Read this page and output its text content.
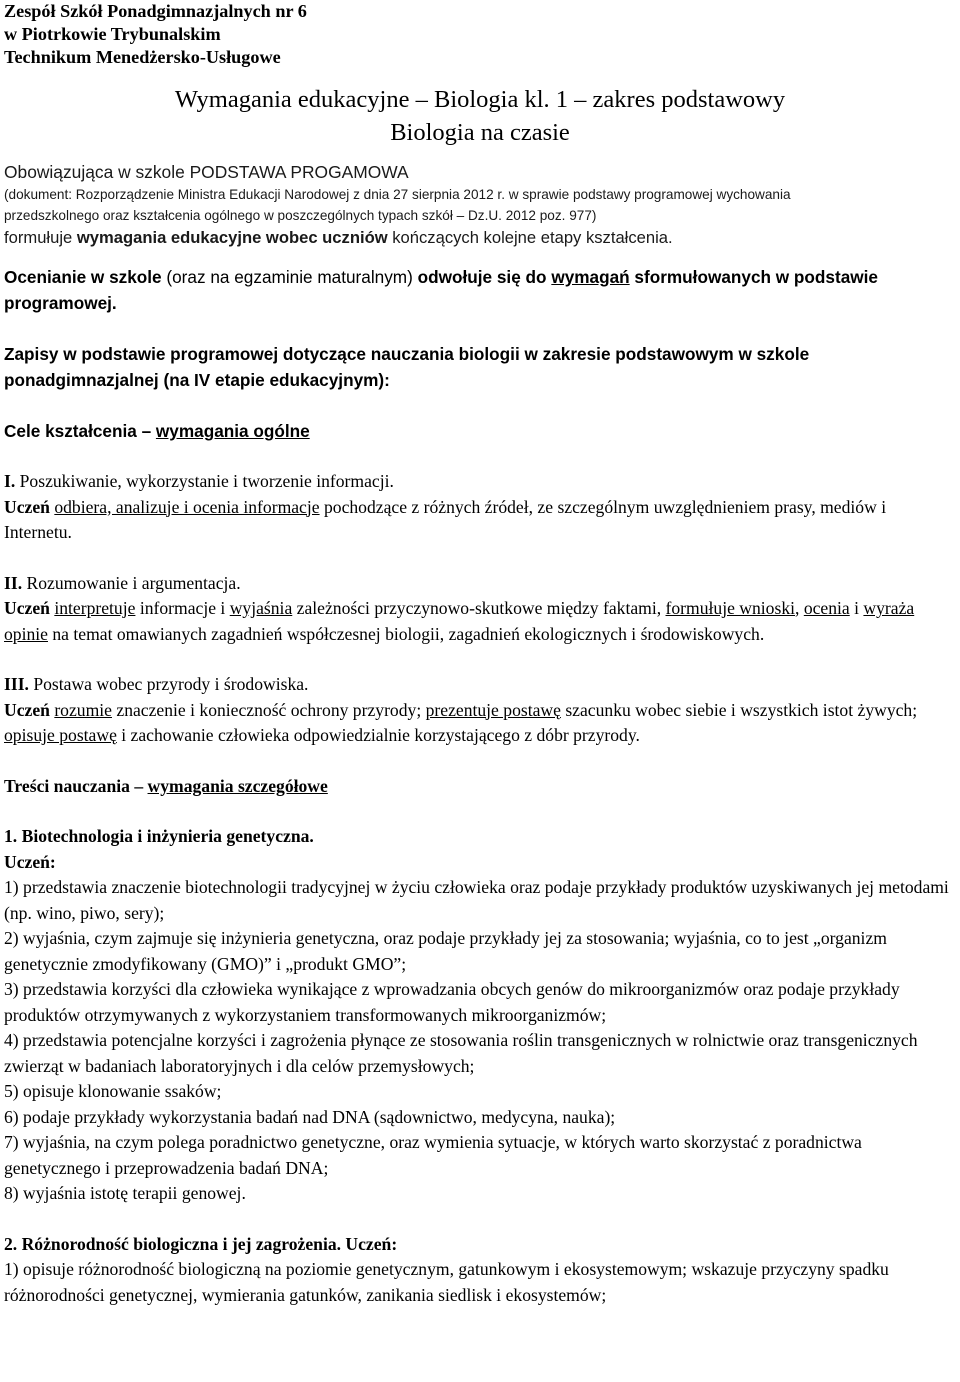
Zespół Szkół Ponadgimnazjalnych nr 6

w Piotrkowie Trybunalskim

Technikum Menedżersko-Usługowe

Wymagania edukacyjne – Biologia kl. 1 – zakres podstawowy

Biologia na czasie

Obowiązująca w szkole PODSTAWA PROGAMOWA

(dokument: Rozporządzenie Ministra Edukacji Narodowej z dnia 27 sierpnia 2012 r. w sprawie podstawy programowej wychowania

przedszkolnego oraz kształcenia ogólnego w poszczególnych typach szkół – Dz.U. 2012 poz. 977)

formułuje wymagania edukacyjne wobec uczniów kończących kolejne etapy kształcenia.

Ocenianie w szkole (oraz na egzaminie maturalnym) odwołuje się do wymagań sformułowanych w podstawie programowej.

Zapisy w podstawie programowej dotyczące nauczania biologii w zakresie podstawowym w szkole ponadgimnazjalnej (na IV etapie edukacyjnym):

Cele kształcenia – wymagania ogólne

I. Poszukiwanie, wykorzystanie i tworzenie informacji.

Uczeń odbiera, analizuje i ocenia informacje pochodzące z różnych źródeł, ze szczególnym uwzględnieniem prasy, mediów i Internetu.

II. Rozumowanie i argumentacja.

Uczeń interpretuje informacje i wyjaśnia zależności przyczynowo-skutkowe między faktami, formułuje wnioski, ocenia i wyraża opinie na temat omawianych zagadnień współczesnej biologii, zagadnień ekologicznych i środowiskowych.

III. Postawa wobec przyrody i środowiska.

Uczeń rozumie znaczenie i konieczność ochrony przyrody; prezentuje postawę szacunku wobec siebie i wszystkich istot żywych; opisuje postawę i zachowanie człowieka odpowiedzialnie korzystającego z dóbr przyrody.

Treści nauczania – wymagania szczegółowe

1. Biotechnologia i inżynieria genetyczna.

Uczeń:

1) przedstawia znaczenie biotechnologii tradycyjnej w życiu człowieka oraz podaje przykłady produktów uzyskiwanych jej metodami (np. wino, piwo, sery);

2) wyjaśnia, czym zajmuje się inżynieria genetyczna, oraz podaje przykłady jej za stosowania; wyjaśnia, co to jest „organizm genetycznie zmodyfikowany (GMO)” i „produkt GMO”;

3) przedstawia korzyści dla człowieka wynikające z wprowadzania obcych genów do mikroorganizmów oraz podaje przykłady produktów otrzymywanych z wykorzystaniem transformowanych mikroorganizmów;

4) przedstawia potencjalne korzyści i zagrożenia płynące ze stosowania roślin transgenicznych w rolnictwie oraz transgenicznych zwierząt w badaniach laboratoryjnych i dla celów przemysłowych;

5) opisuje klonowanie ssaków;

6) podaje przykłady wykorzystania badań nad DNA (sądownictwo, medycyna, nauka);

7) wyjaśnia, na czym polega poradnictwo genetyczne, oraz wymienia sytuacje, w których warto skorzystać z poradnictwa genetycznego i przeprowadzenia badań DNA;

8) wyjaśnia istotę terapii genowej.

2. Różnorodność biologiczna i jej zagrożenia. Uczeń:

1) opisuje różnorodność biologiczną na poziomie genetycznym, gatunkowym i ekosystemowym; wskazuje przyczyny spadku różnorodności genetycznej, wymierania gatunków, zanikania siedlisk i ekosystemów;
